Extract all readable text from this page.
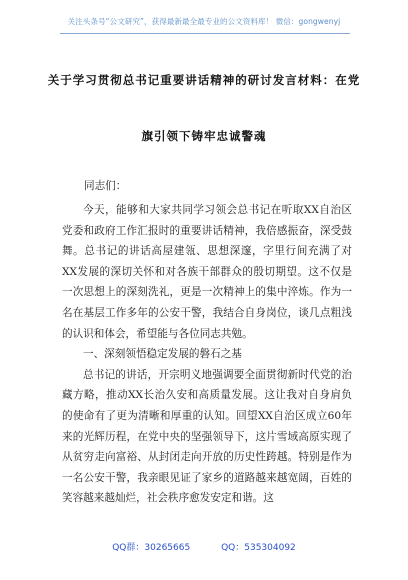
关注头条号“公文研究”，获得最新最全最专业的公文资料库！ 微信：gongwenyj
关于学习贯彻总书记重要讲话精神的研讨发言材料：在党
旗引领下铸牢忠诚警魂
同志们：

今天，能够和大家共同学习领会总书记在听取XX自治区党委和政府工作汇报时的重要讲话精神，我倍感振奋，深受鼓舞。总书记的讲话高屋建瓴、思想深邃，字里行间充满了对XX发展的深切关怀和对各族干部群众的殷切期望。这不仅是一次思想上的深刻洗礼，更是一次精神上的集中淬炼。作为一名在基层工作多年的公安干警，我结合自身岗位，谈几点粗浅的认识和体会，希望能与各位同志共勉。

一、深刻领悟稳定发展的磐石之基

总书记的讲话，开宗明义地强调要全面贯彻新时代党的治藏方略，推动XX长治久安和高质量发展。这让我对自身肩负的使命有了更为清晰和厚重的认知。回望XX自治区成立60年来的光辉历程，在党中央的坚强领导下，这片雪域高原实现了从贫穷走向富裕、从封闭走向开放的历史性跨越。特别是作为一名公安干警，我亲眼见证了家乡的道路越来越宽阔，百姓的笑容越来越灿烂，社会秩序愈发安定和谐。这

QQ群：30265665	QQ：535304092
